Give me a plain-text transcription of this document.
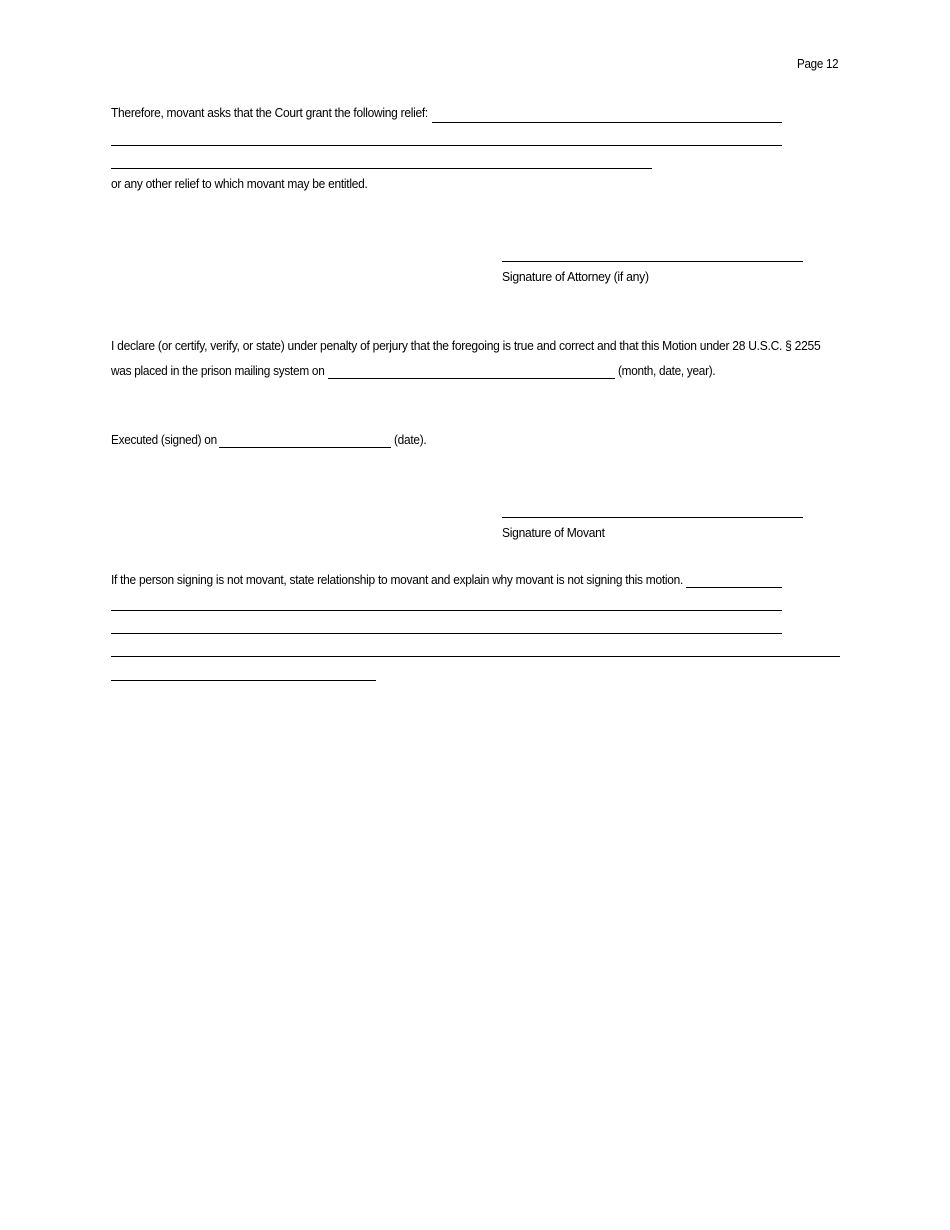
Page 12
Therefore, movant asks that the Court grant the following relief:
or any other relief to which movant may be entitled.
Signature of Attorney (if any)
I declare (or certify, verify, or state) under penalty of perjury that the foregoing is true and correct and that this Motion under 28 U.S.C. § 2255
was placed in the prison mailing system on	(month, date, year).
Executed (signed) on	(date).
Signature of Movant
If the person signing is not movant, state relationship to movant and explain why movant is not signing this motion.
